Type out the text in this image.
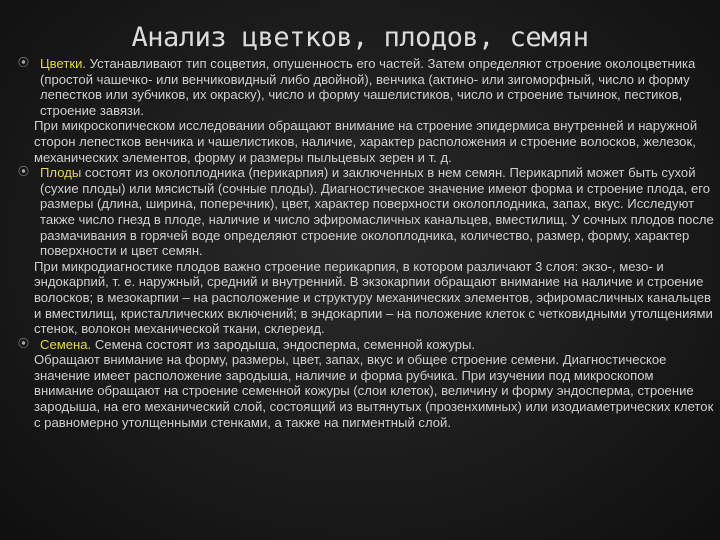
Анализ цветков, плодов, семян
⦿ Цветки. Устанавливают тип соцветия, опушенность его частей. Затем определяют строение околоцветника (простой чашечко- или венчиковидный либо двойной), венчика (актино- или зигоморфный, число и форму лепестков или зубчиков, их окраску), число и форму чашелистиков, число и строение тычинок, пестиков, строение завязи.
При микроскопическом исследовании обращают внимание на строение эпидермиса внутренней и наружной сторон лепестков венчика и чашелистиков, наличие, характер расположения и строение волосков, железок, механических элементов, форму и размеры пыльцевых зерен и т. д.
⦿ Плоды состоят из околоплодника (перикарпия) и заключенных в нем семян. Перикарпий может быть сухой (сухие плоды) или мясистый (сочные плоды). Диагностическое значение имеют форма и строение плода, его размеры (длина, ширина, поперечник), цвет, характер поверхности околоплодника, запах, вкус. Исследуют также число гнезд в плоде, наличие и число эфиромасличных канальцев, вместилищ. У сочных плодов после размачивания в горячей воде определяют строение околоплодника, количество, размер, форму, характер поверхности и цвет семян.
При микродиагностике плодов важно строение перикарпия, в котором различают 3 слоя: экзо-, мезо- и эндокарпий, т. е. наружный, средний и внутренний. В экзокарпии обращают внимание на наличие и строение волосков; в мезокарпии – на расположение и структуру механических элементов, эфиромасличных канальцев и вместилищ, кристаллических включений; в эндокарпии – на положение клеток с четковидными утолщениями стенок, волокон механической ткани, склереид.
⦿ Семена. Семена состоят из зародыша, эндосперма, семенной кожуры.
Обращают внимание на форму, размеры, цвет, запах, вкус и общее строение семени. Диагностическое значение имеет расположение зародыша, наличие и форма рубчика. При изучении под микроскопом внимание обращают на строение семенной кожуры (слои клеток), величину и форму эндосперма, строение зародыша, на его механический слой, состоящий из вытянутых (прозенхимных) или изодиаметрических клеток с равномерно утолщенными стенками, а также на пигментный слой.
